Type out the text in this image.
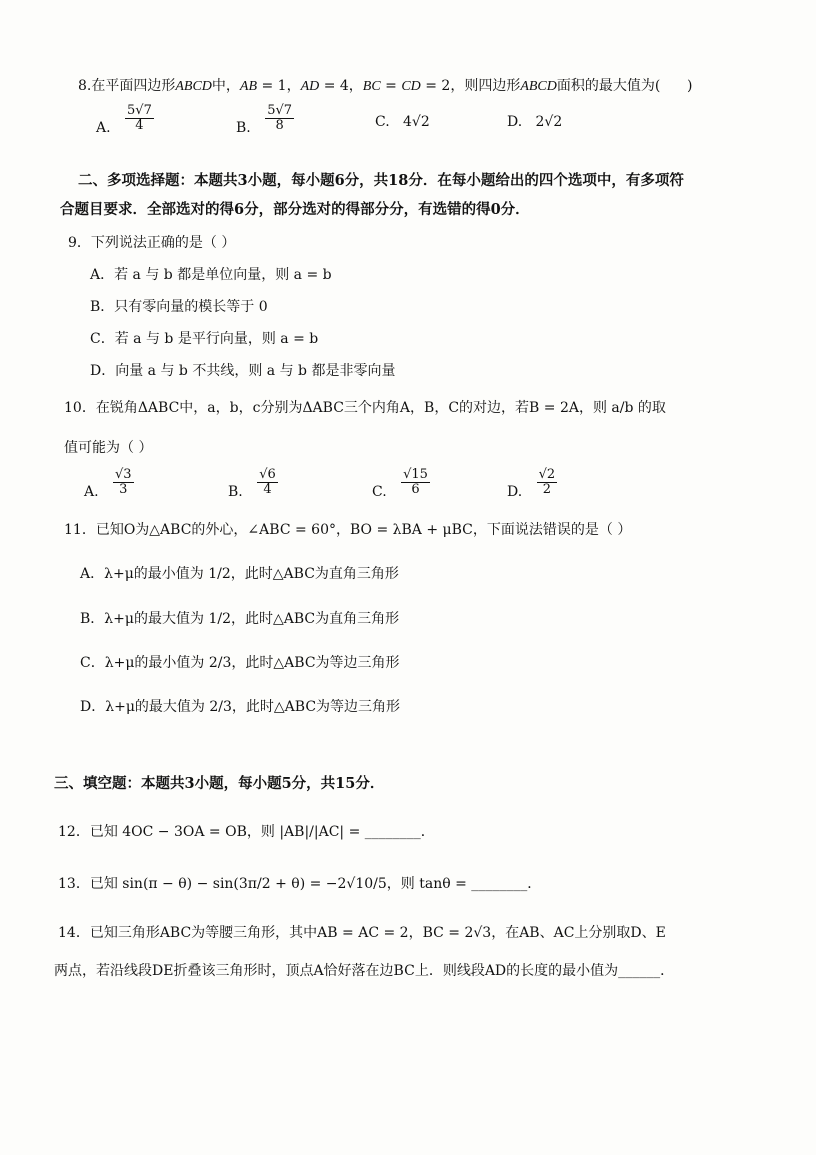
8.在平面四边形ABCD中，AB = 1，AD = 4，BC = CD = 2，则四边形ABCD面积的最大值为(      )
A. $\frac{5√7}{4}$	B. $\frac{5√7}{8}$	C.   4√2	D.   2√2
二、多项选择题：本题共3小题，每小题6分，共18分．在每小题给出的四个选项中，有多项符
合题目要求．全部选对的得6分，部分选对的得部分分，有选错的得0分．
9．下列说法正确的是（ ）
A．若 a 与 b 都是单位向量，则 a = b
B．只有零向量的模长等于 0
C．若 a 与 b 是平行向量，则 a = b
D．向量 a 与 b 不共线，则 a 与 b 都是非零向量
10．在锐角ΔABC中，a，b，c分别为ΔABC三个内角A，B，C的对边，若B = 2A，则 a/b 的取
值可能为（ ）
A. $\frac{√3}{3}$	B. $\frac{√6}{4}$	C. $\frac{√15}{6}$	D. $\frac{√2}{2}$
11．已知O为△ABC的外心，∠ABC = 60°，BO = λBA + μBC，下面说法错误的是（ ）
A．λ+μ的最小值为 1/2，此时△ABC为直角三角形
B．λ+μ的最大值为 1/2，此时△ABC为直角三角形
C．λ+μ的最小值为 2/3，此时△ABC为等边三角形
D．λ+μ的最大值为 2/3，此时△ABC为等边三角形
三、填空题：本题共3小题，每小题5分，共15分．
12．已知 4OC − 3OA = OB，则 |AB|/|AC| = ________．
13．已知 sin(π − θ) − sin(3π/2 + θ) = −2√10/5，则 tanθ = ________．
14．已知三角形ABC为等腰三角形，其中AB = AC = 2，BC = 2√3，在AB、AC上分别取D、E
两点，若沿线段DE折叠该三角形时，顶点A恰好落在边BC上．则线段AD的长度的最小值为______．
